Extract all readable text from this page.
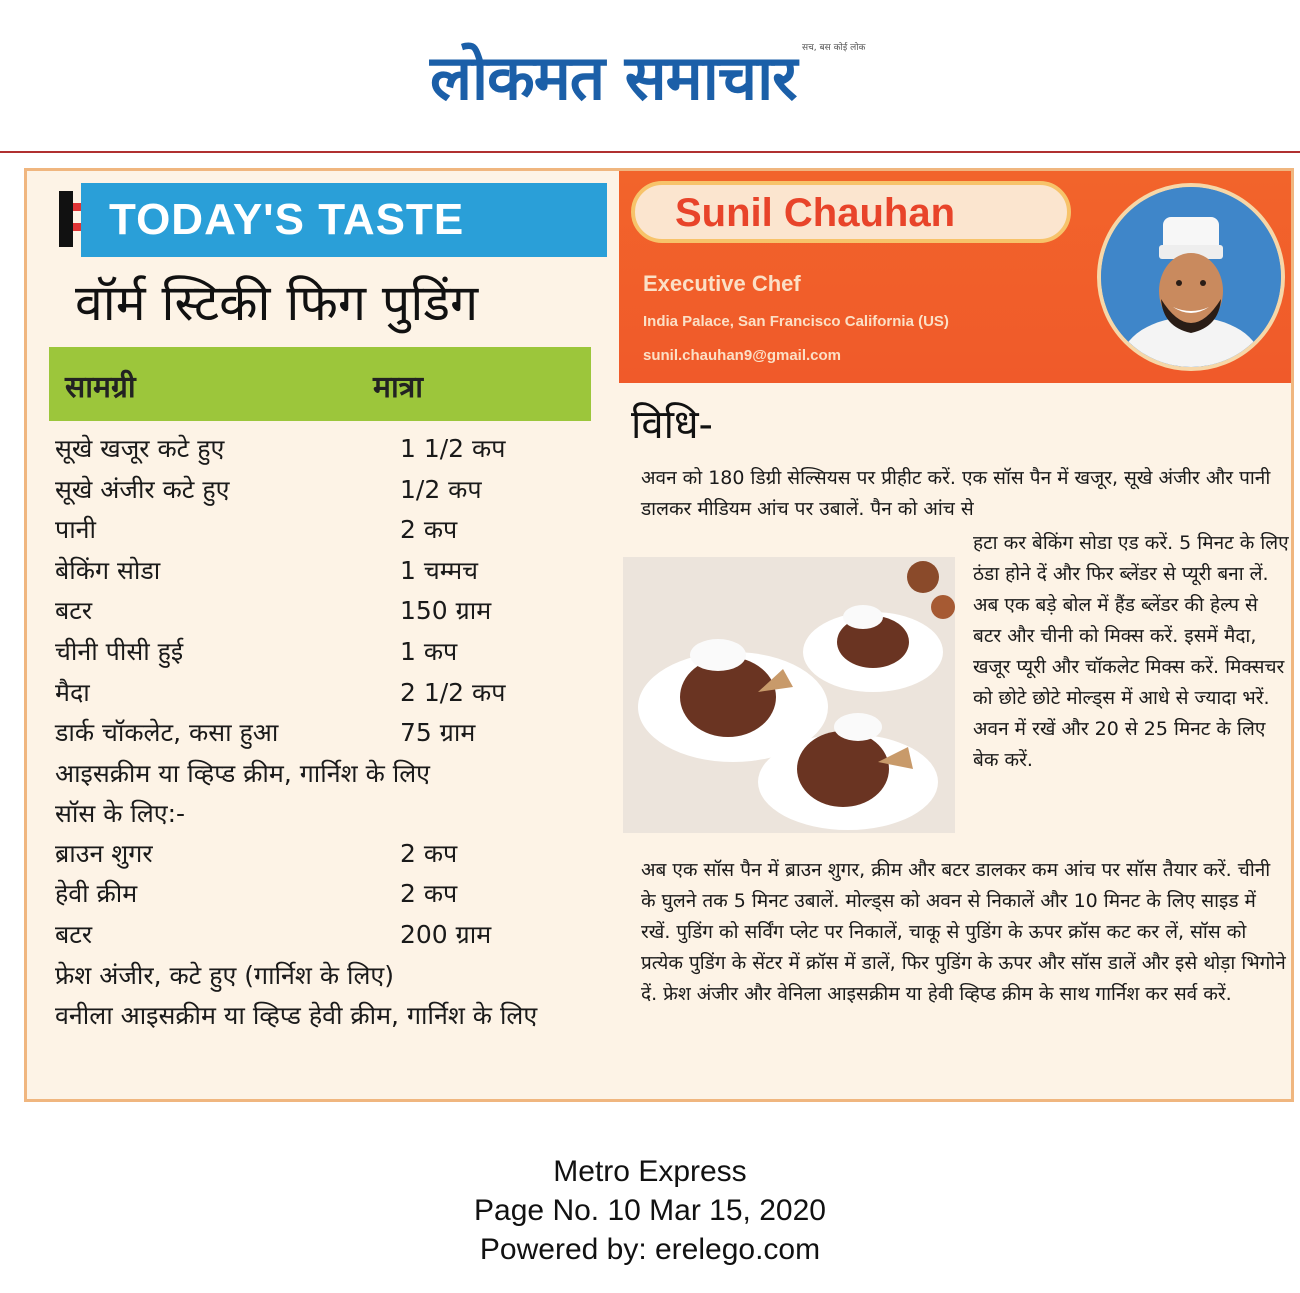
सच, बस कोई लोक
लोकमत समाचार
TODAY'S TASTE
वॉर्म स्टिकी फिग पुडिंग
सामग्री	मात्रा
सूखे खजूर कटे हुए	1 1/2 कप
सूखे अंजीर कटे हुए	1/2 कप
पानी	2 कप
बेकिंग सोडा	1 चम्मच
बटर	150 ग्राम
चीनी पीसी हुई	1 कप
मैदा	2 1/2 कप
डार्क चॉकलेट, कसा हुआ	75 ग्राम
आइसक्रीम या व्हिप्ड क्रीम, गार्निश के लिए
सॉस के लिए:-
ब्राउन शुगर	2 कप
हेवी क्रीम	2 कप
बटर	200 ग्राम
फ्रेश अंजीर, कटे हुए (गार्निश के लिए)
वनीला आइसक्रीम या व्हिप्ड हेवी क्रीम, गार्निश के लिए
Sunil Chauhan
Executive Chef
India Palace, San Francisco California (US)
sunil.chauhan9@gmail.com
विधि-
अवन को 180 डिग्री सेल्सियस पर प्रीहीट करें. एक सॉस पैन में खजूर, सूखे अंजीर और पानी डालकर मीडियम आंच पर उबालें. पैन को आंच से
हटा कर बेकिंग सोडा एड करें. 5 मिनट के लिए ठंडा होने दें और फिर ब्लेंडर से प्यूरी बना लें. अब एक बड़े बोल में हैंड ब्लेंडर की हेल्प से बटर और चीनी को मिक्स करें. इसमें मैदा, खजूर प्यूरी और चॉकलेट मिक्स करें. मिक्सचर को छोटे छोटे मोल्ड्स में आधे से ज्यादा भरें. अवन में रखें और 20 से 25 मिनट के लिए बेक करें.
अब एक सॉस पैन में ब्राउन शुगर, क्रीम और बटर डालकर कम आंच पर सॉस तैयार करें. चीनी के घुलने तक 5 मिनट उबालें. मोल्ड्स को अवन से निकालें और 10 मिनट के लिए साइड में रखें. पुडिंग को सर्विंग प्लेट पर निकालें, चाकू से पुडिंग के ऊपर क्रॉस कट कर लें, सॉस को प्रत्येक पुडिंग के सेंटर में क्रॉस में डालें, फिर पुडिंग के ऊपर और सॉस डालें और इसे थोड़ा भिगोने दें. फ्रेश अंजीर और वेनिला आइसक्रीम या हेवी व्हिप्ड क्रीम के साथ गार्निश कर सर्व करें.
Metro Express
Page No. 10 Mar 15, 2020
Powered by: erelego.com
